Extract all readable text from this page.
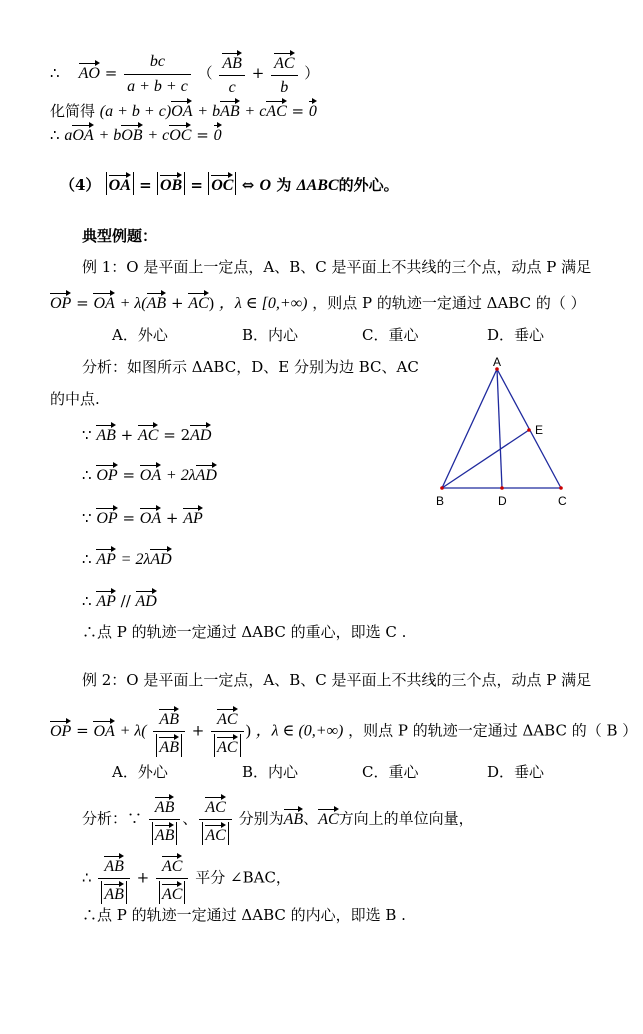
∴ AO = $\frac{bc}{a + b + c}$ （ $\frac{AB}{c} + \frac{AC}{b}$ ）
化简得 (a + b + c)OA + bAB + cAC = 0
∴ aOA + bOB + cOC = 0
（4） OA = OB = OC ⇔ O 为 ΔABC的外心。
典型例题：
例 1：O 是平面上一定点，A、B、C 是平面上不共线的三个点，动点 P 满足
OP = OA + λ(AB + AC) ，λ ∈ [0,+∞) ，则点 P 的轨迹一定通过 ΔABC 的（ ）
A．外心	B．内心	C．重心	D．垂心
分析：如图所示 ΔABC，D、E 分别为边 BC、AC
的中点.
∵ AB + AC = 2AD
∴ OP = OA + 2λAD
∵ OP = OA + AP
∴ AP = 2λAD
∴ AP // AD
∴点 P 的轨迹一定通过 ΔABC 的重心，即选 C .
A
B	C
D
E
例 2：O 是平面上一定点，A、B、C 是平面上不共线的三个点，动点 P 满足
OP = OA + $\lambda( \frac{AB}{AB} + \frac{AC}{AC}$ ) ，λ ∈ (0,+∞) ，则点 P 的轨迹一定通过 ΔABC 的（ B ）
A．外心	B．内心	C．重心	D．垂心
分析：∵ $\frac{AB}{AB}$ 、 $\frac{AC}{AC}$ 分别为AB、AC方向上的单位向量，
∴ $\frac{AB}{AB} + \frac{AC}{AC}$ 平分 ∠BAC，
∴点 P 的轨迹一定通过 ΔABC 的内心，即选 B .
